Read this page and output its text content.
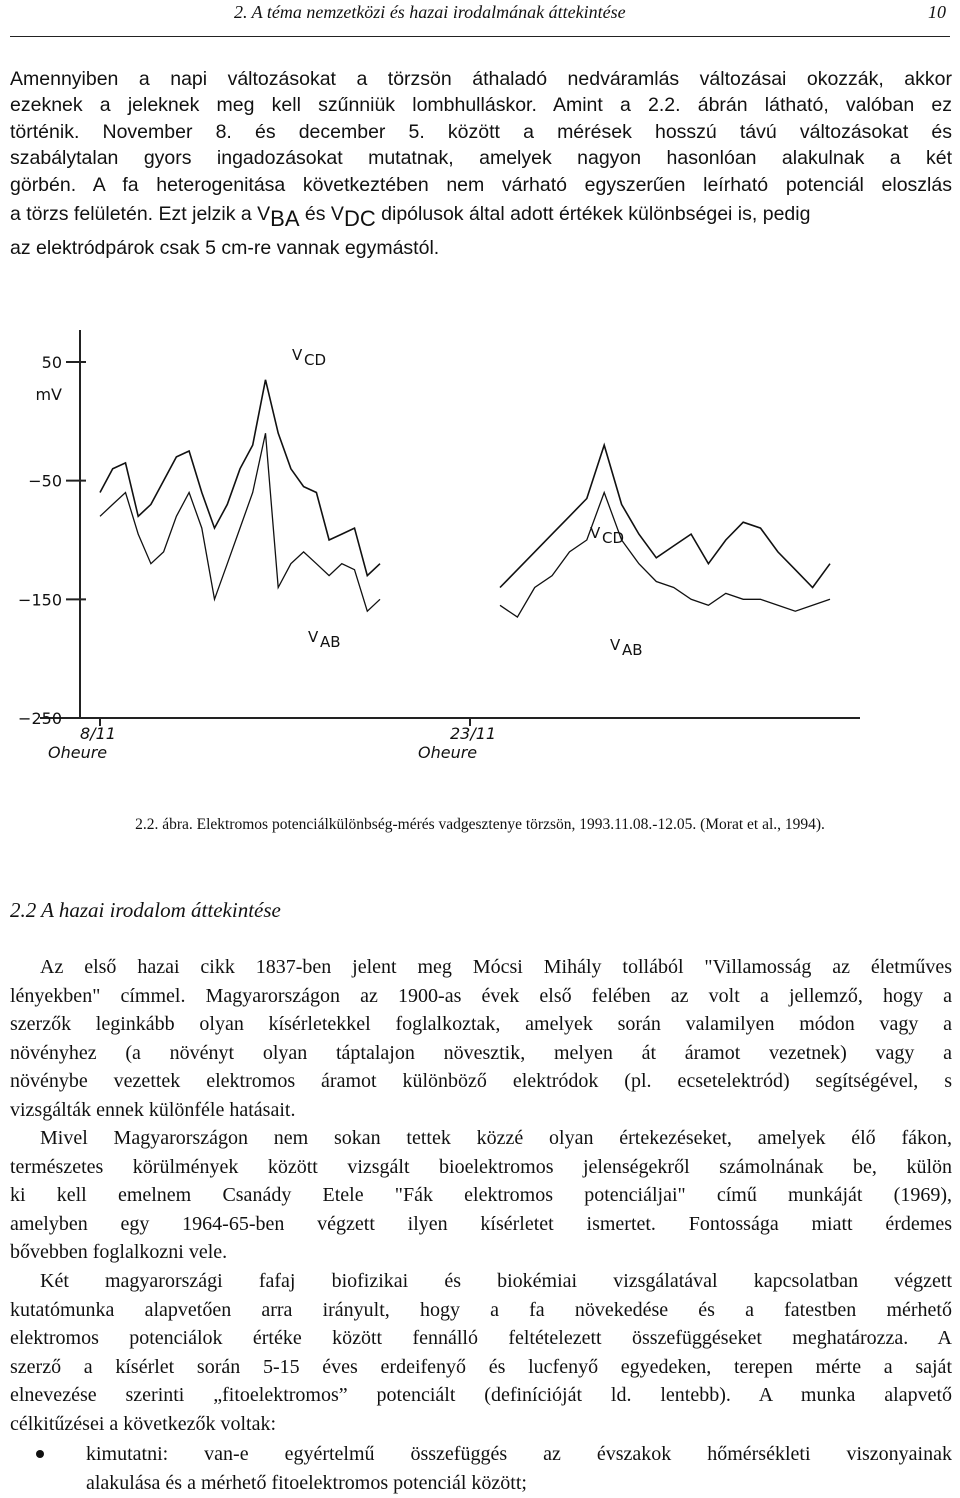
2. A téma nemzetközi és hazai irodalmának áttekintése	10
Amennyiben a napi változásokat a törzsön áthaladó nedváramlás változásai okozzák, akkor
ezeknek a jeleknek meg kell szűnniük lombhulláskor. Amint a 2.2. ábrán látható, valóban ez
történik. November 8. és december 5. között a mérések hosszú távú változásokat és
szabálytalan gyors ingadozásokat mutatnak, amelyek nagyon hasonlóan alakulnak a két
görbén. A fa heterogenitása következtében nem várható egyszerűen leírható potenciál eloszlás
a törzs felületén. Ezt jelzik a VBA és VDC dipólusok által adott értékek különbségei is, pedig
az elektródpárok csak 5 cm-re vannak egymástól.
50
−50
−150
−250
mV
8/11
Oheure
23/11
Oheure
V CD
V AB
V CD
V AB
2.2. ábra. Elektromos potenciálkülönbség-mérés vadgesztenye törzsön, 1993.11.08.-12.05. (Morat et al., 1994).
2.2 A hazai irodalom áttekintése
Az első hazai cikk 1837-ben jelent meg Mócsi Mihály tollából "Villamosság az életműves
lényekben" címmel. Magyarországon az 1900-as évek első felében az volt a jellemző, hogy a
szerzők leginkább olyan kísérletekkel foglalkoztak, amelyek során valamilyen módon vagy a
növényhez (a növényt olyan táptalajon növesztik, melyen át áramot vezetnek) vagy a
növénybe vezettek elektromos áramot különböző elektródok (pl. ecsetelektród) segítségével, s
vizsgálták ennek különféle hatásait.
Mivel Magyarországon nem sokan tettek közzé olyan értekezéseket, amelyek élő fákon,
természetes körülmények között vizsgált bioelektromos jelenségekről számolnának be, külön
ki kell emelnem Csanády Etele "Fák elektromos potenciáljai" című munkáját (1969),
amelyben egy 1964-65-ben végzett ilyen kísérletet ismertet. Fontossága miatt érdemes
bővebben foglalkozni vele.
Két magyarországi fafaj biofizikai és biokémiai vizsgálatával kapcsolatban végzett
kutatómunka alapvetően arra irányult, hogy a fa növekedése és a fatestben mérhető
elektromos potenciálok értéke között fennálló feltételezett összefüggéseket meghatározza. A
szerző a kísérlet során 5-15 éves erdeifenyő és lucfenyő egyedeken, terepen mérte a saját
elnevezése szerinti „fitoelektromos” potenciált (definícióját ld. lentebb). A munka alapvető
célkitűzései a következők voltak:
kimutatni: van-e egyértelmű összefüggés az évszakok hőmérsékleti viszonyainak
alakulása és a mérhető fitoelektromos potenciál között;
